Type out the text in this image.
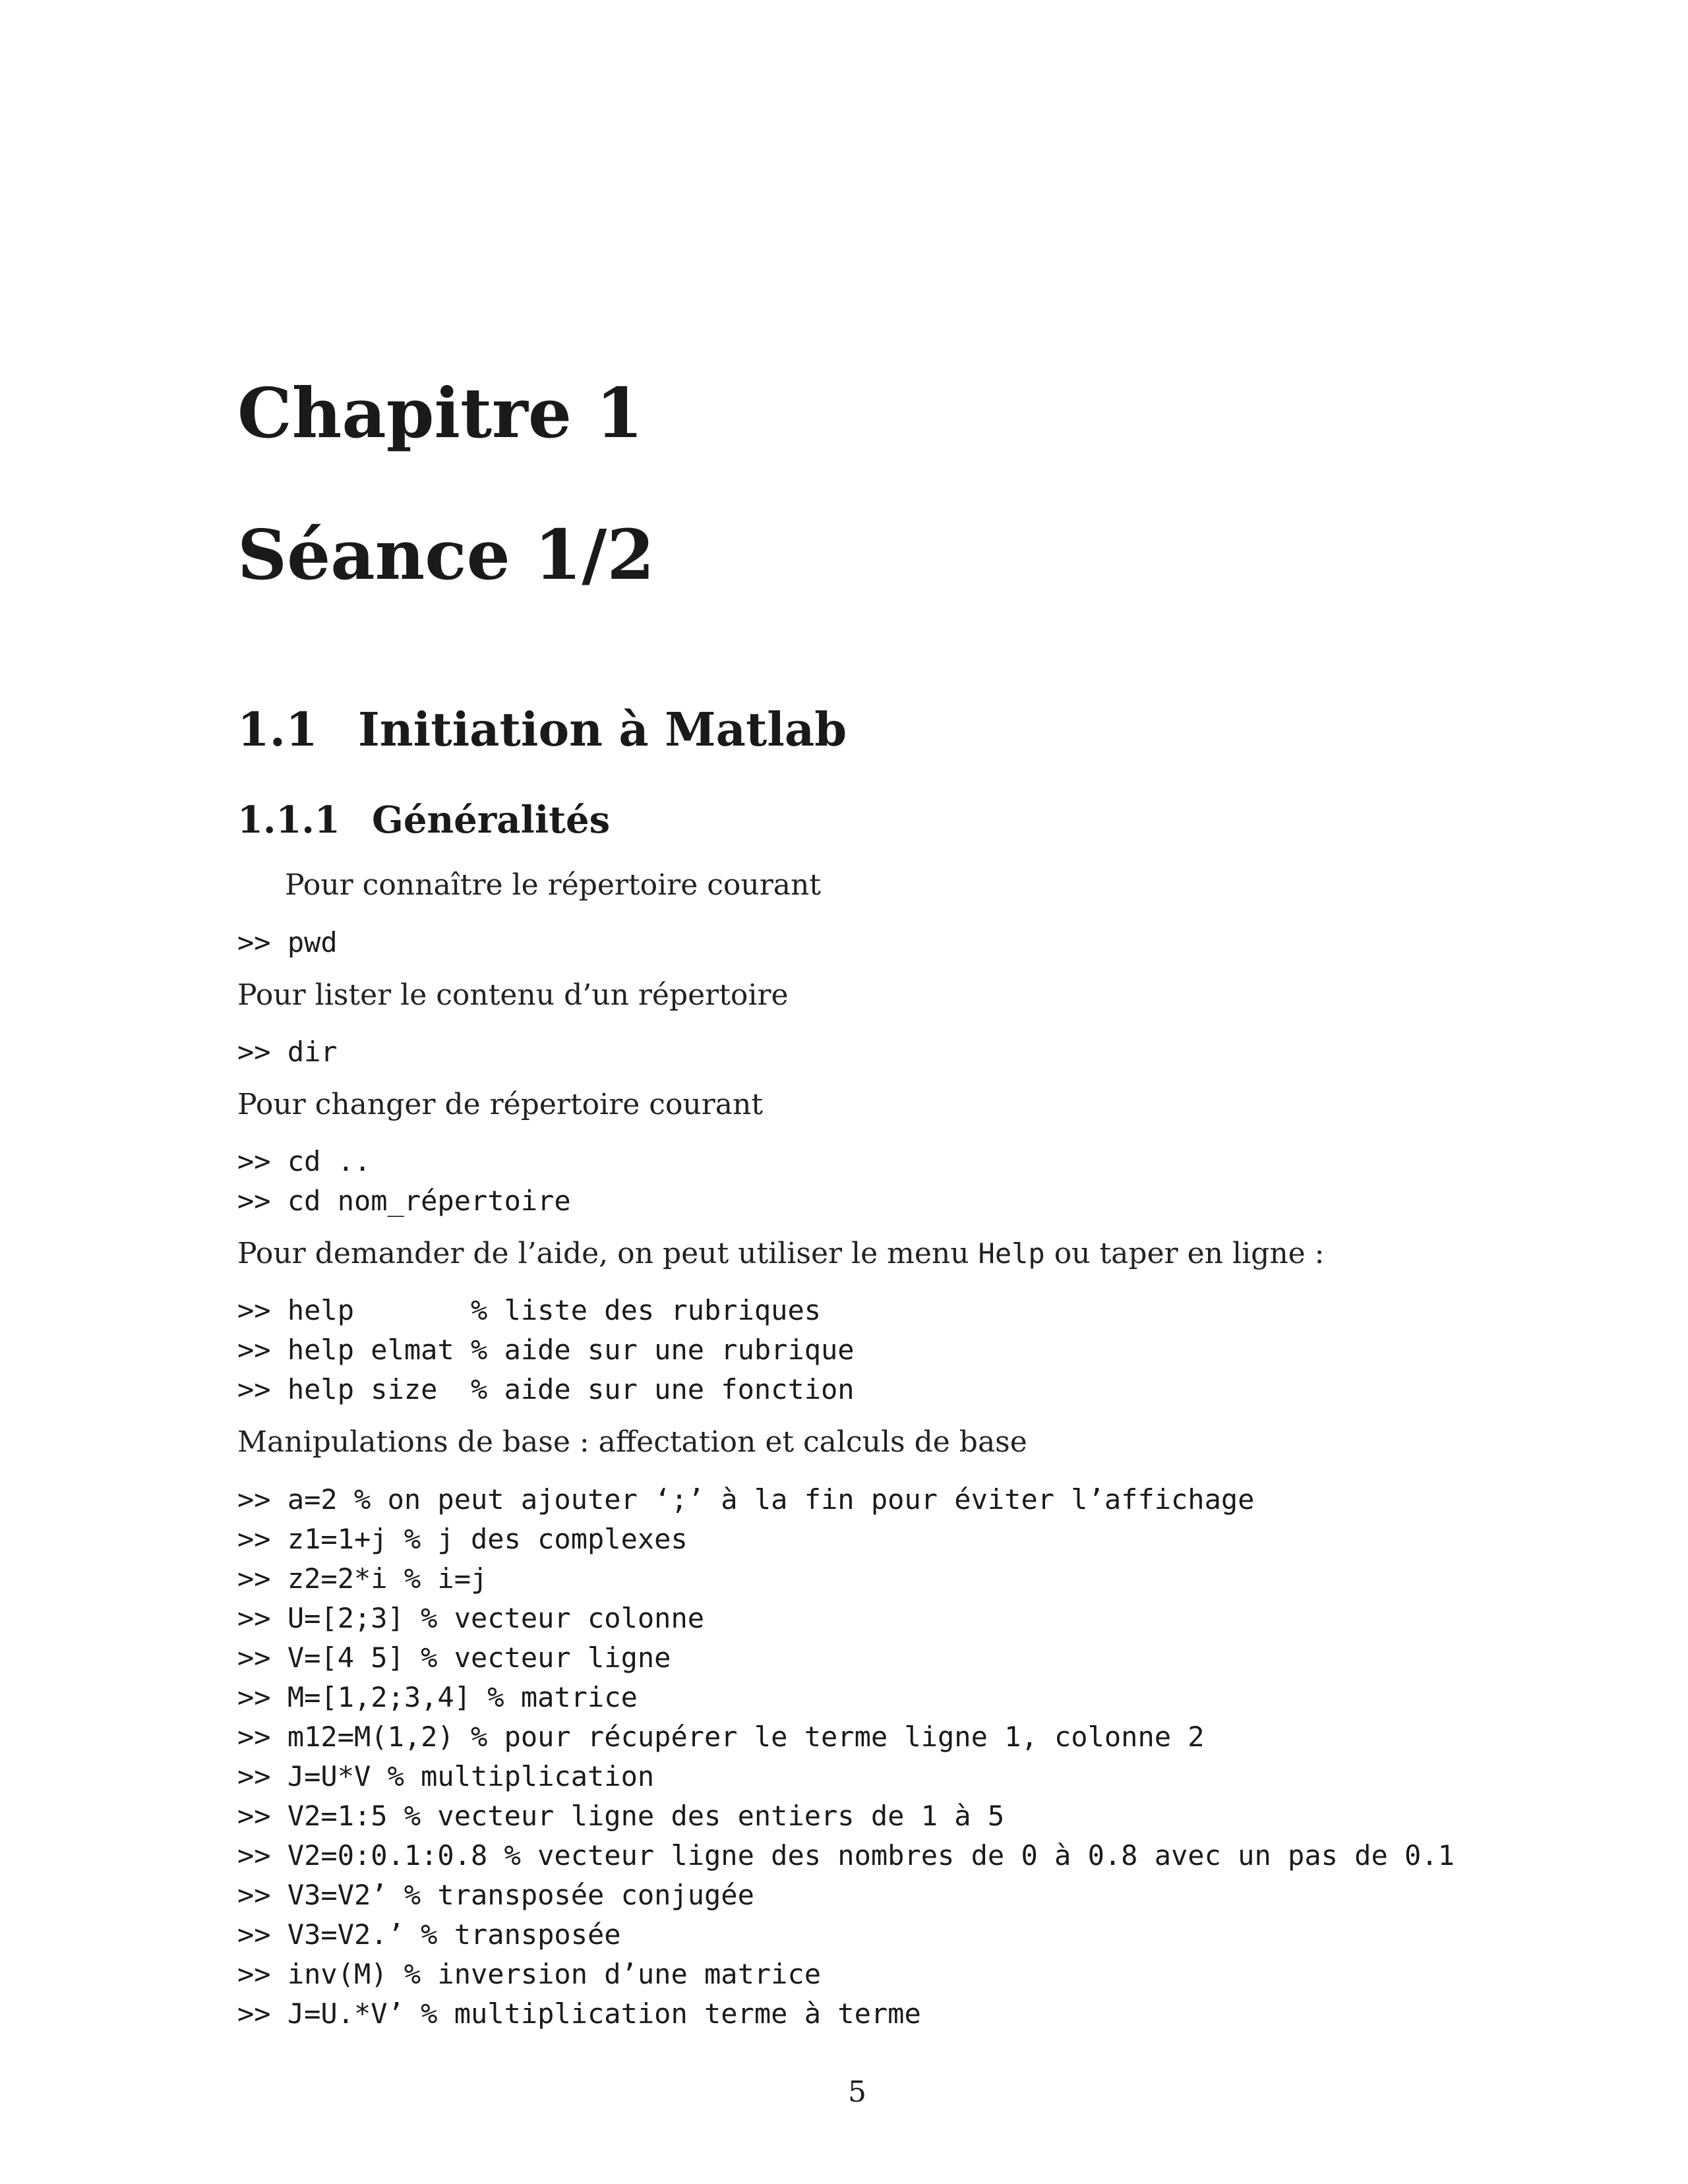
Chapitre 1
Séance 1/2
1.1 Initiation à Matlab
1.1.1 Généralités

Pour connaître le répertoire courant

>> pwd

Pour lister le contenu d’un répertoire

>> dir

Pour changer de répertoire courant

>> cd ..
>> cd nom_répertoire

Pour demander de l’aide, on peut utiliser le menu Help ou taper en ligne :

>> help       % liste des rubriques
>> help elmat % aide sur une rubrique
>> help size  % aide sur une fonction

Manipulations de base : affectation et calculs de base

>> a=2 % on peut ajouter ‘;’ à la fin pour éviter l’affichage
>> z1=1+j % j des complexes
>> z2=2*i % i=j
>> U=[2;3] % vecteur colonne
>> V=[4 5] % vecteur ligne
>> M=[1,2;3,4] % matrice
>> m12=M(1,2) % pour récupérer le terme ligne 1, colonne 2
>> J=U*V % multiplication
>> V2=1:5 % vecteur ligne des entiers de 1 à 5
>> V2=0:0.1:0.8 % vecteur ligne des nombres de 0 à 0.8 avec un pas de 0.1
>> V3=V2’ % transposée conjugée
>> V3=V2.’ % transposée
>> inv(M) % inversion d’une matrice
>> J=U.*V’ % multiplication terme à terme

5
